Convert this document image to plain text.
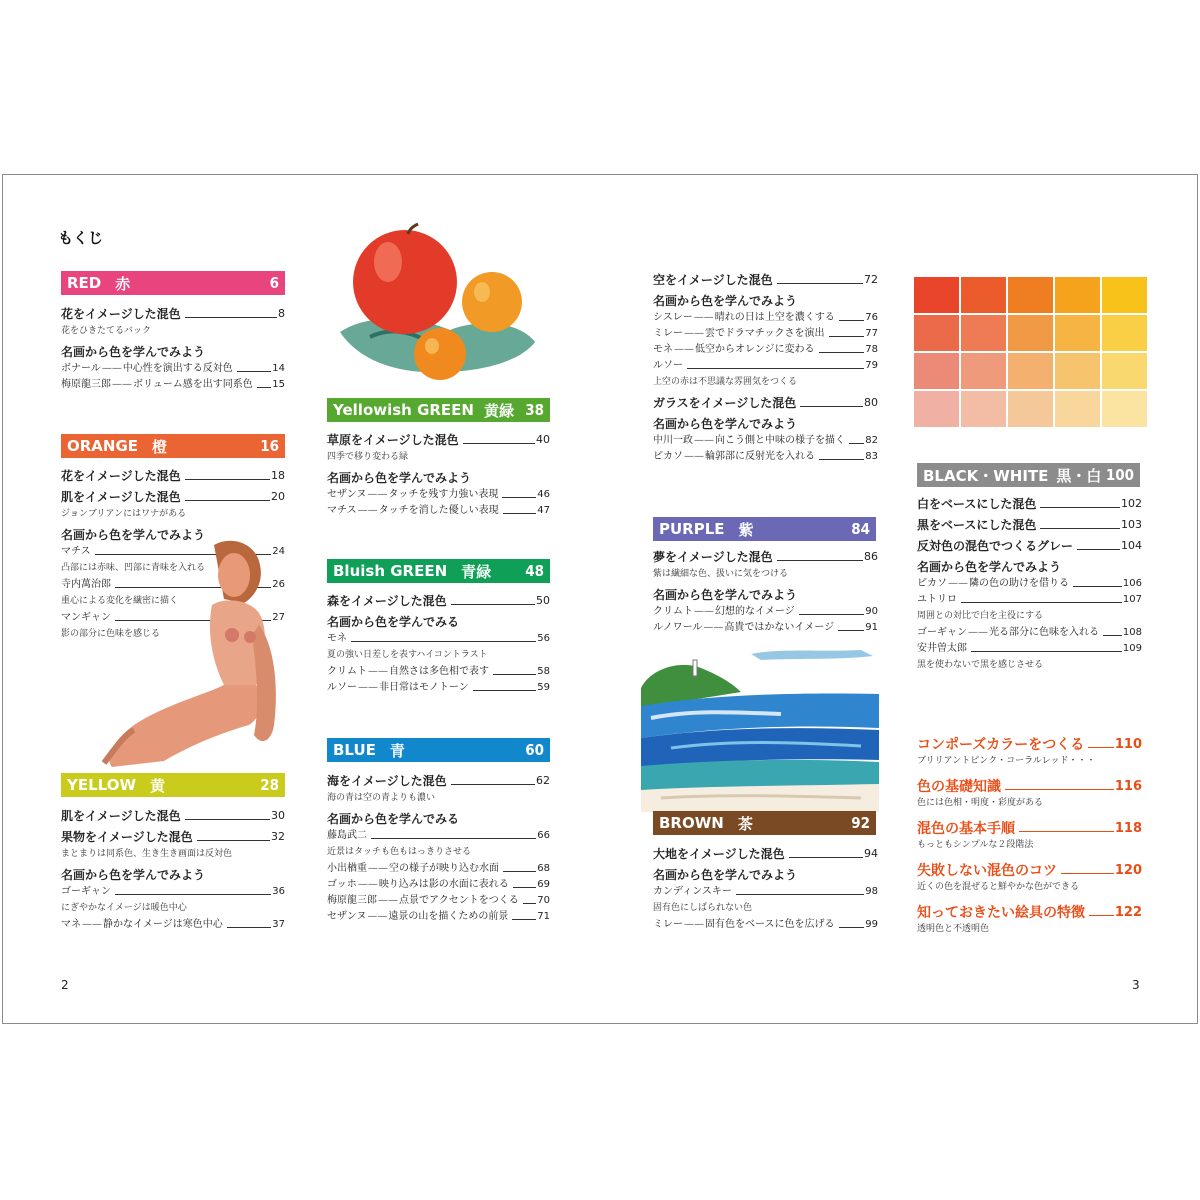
もくじ
RED 赤	6
花をイメージした混色	8
花をひきたてるバック
名画から色を学んでみよう
ボナール —— 中心性を演出する反対色	14
梅原龍三郎 —— ボリューム感を出す同系色 15
ORANGE 橙	16
花をイメージした混色	18
肌をイメージした混色	20
ジョンブリアンにはワナがある
名画から色を学んでみよう
マチス	24
凸部には赤味、凹部に青味を入れる
寺内萬治郎	26
重心による変化を繊密に描く
マンギャン	27
影の部分に色味を感じる
YELLOW 黄	28
肌をイメージした混色	30
果物をイメージした混色	32
まとまりは同系色、生き生き画面は反対色
名画から色を学んでみよう
ゴーギャン	36
にぎやかなイメージは暖色中心
マネ —— 静かなイメージは寒色中心	37
2
Yellowish GREEN 黄緑 38
草原をイメージした混色	40
四季で移り変わる緑
名画から色を学んでみよう
セザンヌ —— タッチを残す力強い表現	46
マチス —— タッチを消した優しい表現	47
Bluish GREEN 青緑	48
森をイメージした混色	50
名画から色を学んでみる
モネ	56
夏の強い日差しを表すハイコントラスト
クリムト —— 自然さは多色相で表す	58
ルソー —— 非日常はモノトーン	59
BLUE 青	60
海をイメージした混色	62
海の青は空の青よりも濃い
名画から色を学んでみる
藤島武二	66
近景はタッチも色もはっきりさせる
小出楢重 —— 空の様子が映り込む水面	68
ゴッホ —— 映り込みは影の水面に表れる	69
梅原龍三郎 —— 点景でアクセントをつくる 70
セザンヌ —— 遠景の山を描くための前景	71
空をイメージした混色	72
名画から色を学んでみよう
シスレー —— 晴れの日は上空を濃くする	76
ミレー —— 雲でドラマチックさを演出	77
モネ —— 低空からオレンジに変わる	78
ルソー	79
上空の赤は不思議な雰囲気をつくる
ガラスをイメージした混色	80
名画から色を学んでみよう
中川一政 —— 向こう側と中味の様子を描く 82
ピカソ —— 輪郭部に反射光を入れる	83
PURPLE 紫	84
夢をイメージした混色	86
紫は繊細な色、扱いに気をつける
名画から色を学んでみよう
クリムト —— 幻想的なイメージ	90
ルノワール —— 高貴ではかないイメージ	91
BROWN 茶	92
大地をイメージした混色	94
名画から色を学んでみよう
カンディンスキー	98
固有色にしばられない色
ミレー —— 固有色をベースに色を広げる	99
BLACK・WHITE 黒・白 100
白をベースにした混色	102
黒をベースにした混色	103
反対色の混色でつくるグレー	104
名画から色を学んでみよう
ピカソ —— 隣の色の助けを借りる	106
ユトリロ	107
周囲との対比で白を主役にする
ゴーギャン —— 光る部分に色味を入れる 108
安井曽太郎	109
黒を使わないで黒を感じさせる
コンポーズカラーをつくる 110
ブリリアントピンク・コーラルレッド・・・
色の基礎知識	116
色には色相・明度・彩度がある
混色の基本手順	118
もっともシンプルな２段階法
失敗しない混色のコツ	120
近くの色を混ぜると鮮やかな色ができる
知っておきたい絵具の特徴 122
透明色と不透明色
3
